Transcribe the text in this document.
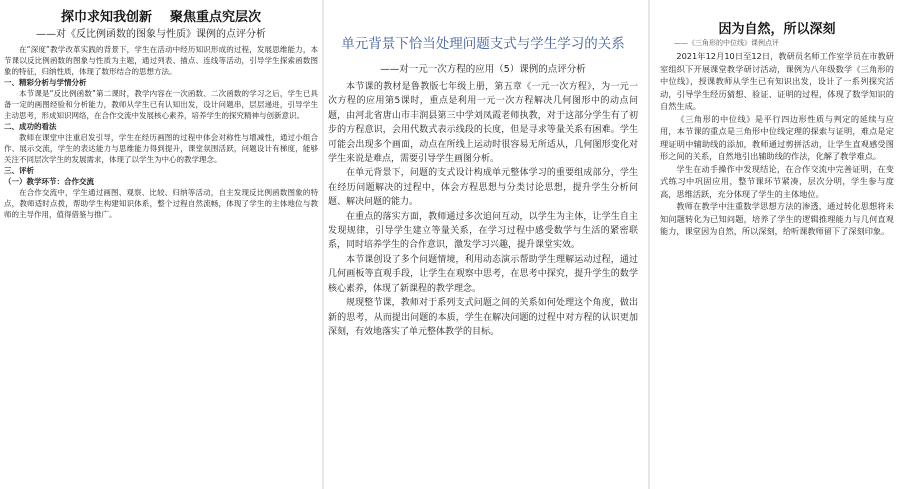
探巾求知我创新 聚焦重点究层次
——对《反比例函数的图象与性质》课例的点评分析

在“深度”教学改革实践的背景下，学生在活动中经历知识形成的过程，发展思维能力，本节课以反比例函数的图象与性质为主题，通过列表、描点、连线等活动，引导学生探索函数图象的特征，归纳性质，体现了数形结合的思想方法。

一、精彩分析与学情分析

本节课是“反比例函数”第二课时，教学内容在一次函数、二次函数的学习之后，学生已具备一定的画图经验和分析能力，教师从学生已有认知出发，设计问题串，层层递进，引导学生主动思考，形成知识网络，在合作交流中发展核心素养，培养学生的探究精神与创新意识。

二、成功的看法

教师在课堂中注重启发引导，学生在经历画图的过程中体会对称性与增减性，通过小组合作、展示交流，学生的表达能力与思维能力得到提升，课堂氛围活跃，问题设计有梯度，能够关注不同层次学生的发展需求，体现了以学生为中心的教学理念。

三、评析

（一）教学环节：合作交流

在合作交流中，学生通过画图、观察、比较、归纳等活动，自主发现反比例函数图象的特点，教师适时点拨，帮助学生构建知识体系，整个过程自然流畅，体现了学生的主体地位与教师的主导作用，值得借鉴与推广。

单元背景下恰当处理问题支式与学生学习的关系
——对一元一次方程的应用（5）课例的点评分析

本节课的教材是鲁教版七年级上册，第五章《一元一次方程》，为一元一次方程的应用第5课时，重点是利用一元一次方程解决几何图形中的动点问题，由河北省唐山市丰润县第三中学刘凤霞老师执教，对于这部分学生有了初步的方程意识，会用代数式表示线段的长度，但是寻求等量关系有困难。学生可能会出现多个画面，动点在所线上运动时很容易无所适从，几何图形变化对学生来说是难点，需要引导学生画图分析。

在单元背景下，问题的支式设计构成单元整体学习的重要组成部分，学生在经历问题解决的过程中，体会方程思想与分类讨论思想，提升学生分析问题、解决问题的能力。

在重点的落实方面，教师通过多次追问互动，以学生为主体，让学生自主发现规律，引导学生建立等量关系，在学习过程中感受数学与生活的紧密联系，同时培养学生的合作意识，激发学习兴趣，提升课堂实效。

本节课创设了多个问题情境，利用动态演示帮助学生理解运动过程，通过几何画板等直观手段，让学生在观察中思考，在思考中探究，提升学生的数学核心素养，体现了新课程的教学理念。

规现整节课，教师对于系列支式问题之间的关系如何处理这个角度，做出新的思考，从而提出问题的本质，学生在解决问题的过程中对方程的认识更加深刻，有效地落实了单元整体教学的目标。

因为自然，所以深刻
——《三角形的中位线》课例点评

2021年12月10日至12日，教研员名师工作室学员在市教研室组织下开展课堂教学研讨活动，课例为八年级数学《三角形的中位线》，授课教师从学生已有知识出发，设计了一系列探究活动，引导学生经历猜想、验证、证明的过程，体现了数学知识的自然生成。

《三角形的中位线》是平行四边形性质与判定的延续与应用，本节课的重点是三角形中位线定理的探索与证明，难点是定理证明中辅助线的添加，教师通过剪拼活动，让学生直观感受图形之间的关系，自然地引出辅助线的作法，化解了教学难点。

学生在动手操作中发现结论，在合作交流中完善证明，在变式练习中巩固应用，整节课环节紧凑，层次分明，学生参与度高，思维活跃，充分体现了学生的主体地位。

教师在教学中注重数学思想方法的渗透，通过转化思想将未知问题转化为已知问题，培养了学生的逻辑推理能力与几何直观能力，课堂因为自然，所以深刻，给听课教师留下了深刻印象。
